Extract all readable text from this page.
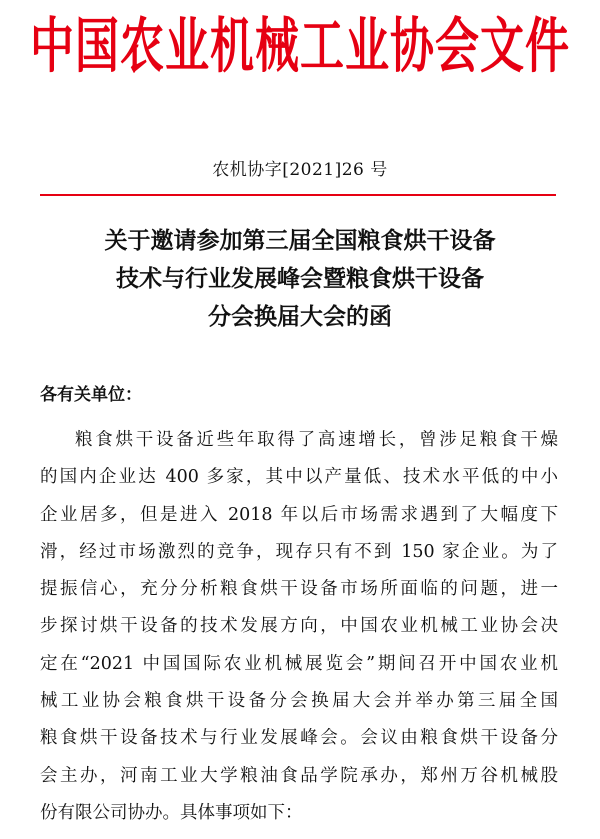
中国农业机械工业协会文件
农机协字[2021]26 号
关于邀请参加第三届全国粮食烘干设备
技术与行业发展峰会暨粮食烘干设备
分会换届大会的函
各有关单位：
粮食烘干设备近些年取得了高速增长，曾涉足粮食干燥
的国内企业达 400 多家，其中以产量低、技术水平低的中小
企业居多，但是进入 2018 年以后市场需求遇到了大幅度下
滑，经过市场激烈的竞争，现存只有不到 150 家企业。为了
提振信心，充分分析粮食烘干设备市场所面临的问题，进一
步探讨烘干设备的技术发展方向，中国农业机械工业协会决
定在“2021 中国国际农业机械展览会”期间召开中国农业机
械工业协会粮食烘干设备分会换届大会并举办第三届全国
粮食烘干设备技术与行业发展峰会。会议由粮食烘干设备分
会主办，河南工业大学粮油食品学院承办，郑州万谷机械股
份有限公司协办。具体事项如下：
